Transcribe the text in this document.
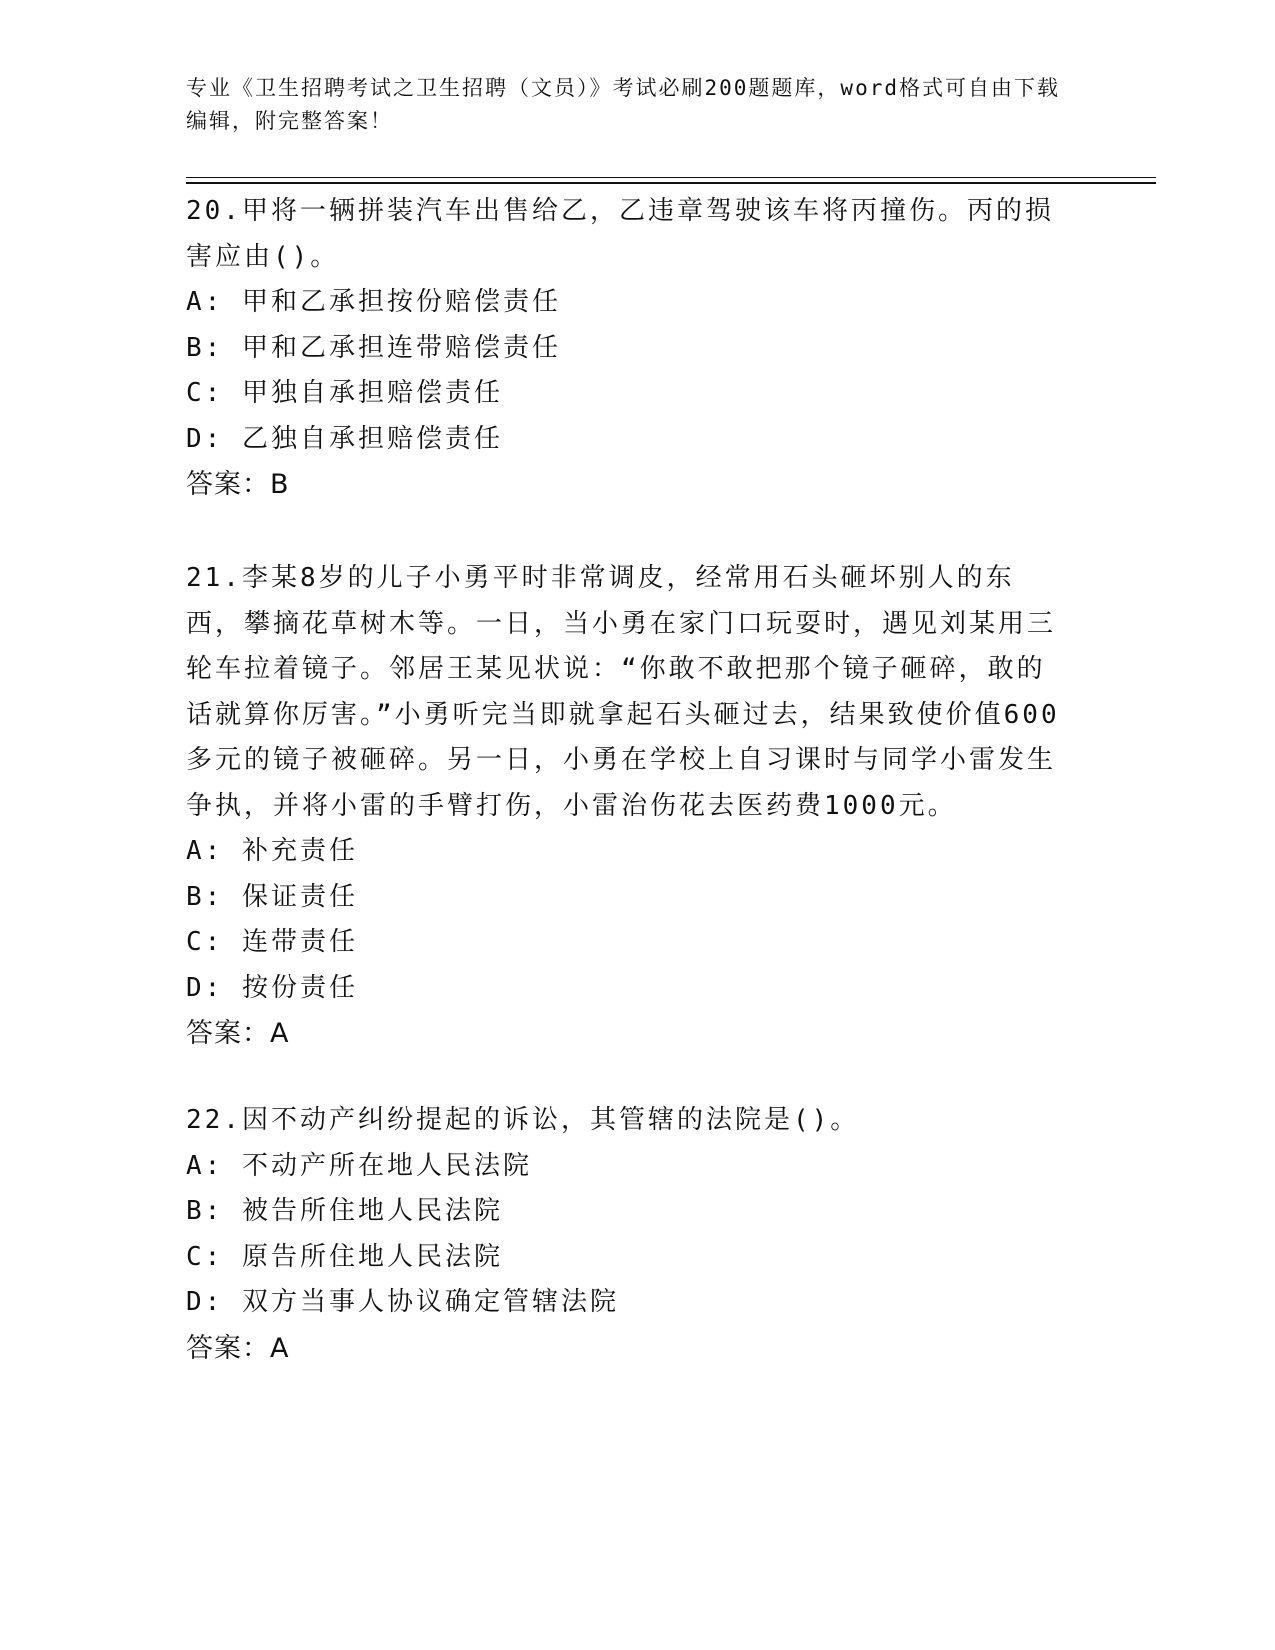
专业《卫生招聘考试之卫生招聘（文员）》考试必刷200题题库，word格式可自由下载编辑，附完整答案！

20.甲将一辆拼装汽车出售给乙，乙违章驾驶该车将丙撞伤。丙的损害应由()。

A: 甲和乙承担按份赔偿责任

B: 甲和乙承担连带赔偿责任

C: 甲独自承担赔偿责任

D: 乙独自承担赔偿责任

答案：B

21.李某8岁的儿子小勇平时非常调皮，经常用石头砸坏别人的东西，攀摘花草树木等。一日，当小勇在家门口玩耍时，遇见刘某用三轮车拉着镜子。邻居王某见状说：“你敢不敢把那个镜子砸碎，敢的话就算你厉害。”小勇听完当即就拿起石头砸过去，结果致使价值600多元的镜子被砸碎。另一日，小勇在学校上自习课时与同学小雷发生争执，并将小雷的手臂打伤，小雷治伤花去医药费1000元。

A: 补充责任

B: 保证责任

C: 连带责任

D: 按份责任

答案：A

22.因不动产纠纷提起的诉讼，其管辖的法院是()。

A: 不动产所在地人民法院

B: 被告所住地人民法院

C: 原告所住地人民法院

D: 双方当事人协议确定管辖法院

答案：A
